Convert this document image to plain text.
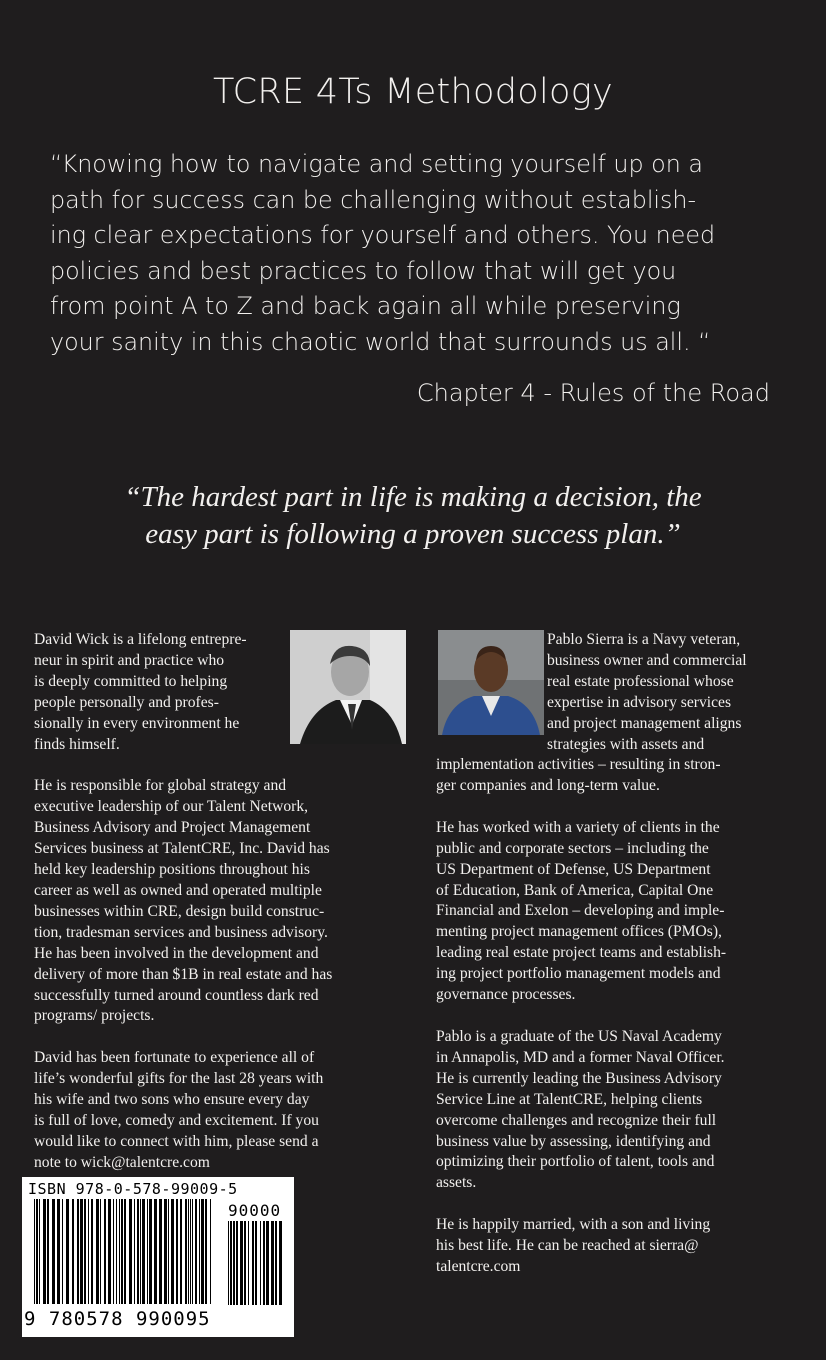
TCRE 4Ts Methodology
“Knowing how to navigate and setting yourself up on a
path for success can be challenging without establish-
ing clear expectations for yourself and others. You need
policies and best practices to follow that will get you
from point A to Z and back again all while preserving
your sanity in this chaotic world that surrounds us all. “
Chapter 4 - Rules of the Road
“The hardest part in life is making a decision, the
easy part is following a proven success plan.”
David Wick is a lifelong entrepre-
neur in spirit and practice who
is deeply committed to helping
people personally and profes-
sionally in every environment he
finds himself.
He is responsible for global strategy and
executive leadership of our Talent Network,
Business Advisory and Project Management
Services business at TalentCRE, Inc. David has
held key leadership positions throughout his
career as well as owned and operated multiple
businesses within CRE, design build construc-
tion, tradesman services and business advisory.
He has been involved in the development and
delivery of more than $1B in real estate and has
successfully turned around countless dark red
programs/ projects.
David has been fortunate to experience all of
life’s wonderful gifts for the last 28 years with
his wife and two sons who ensure every day
is full of love, comedy and excitement. If you
would like to connect with him, please send a
note to wick@talentcre.com
Pablo Sierra is a Navy veteran,
business owner and commercial
real estate professional whose
expertise in advisory services
and project management aligns
strategies with assets and
implementation activities – resulting in stron-
ger companies and long-term value.
He has worked with a variety of clients in the
public and corporate sectors – including the
US Department of Defense, US Department
of Education, Bank of America, Capital One
Financial and Exelon – developing and imple-
menting project management offices (PMOs),
leading real estate project teams and establish-
ing project portfolio management models and
governance processes.
Pablo is a graduate of the US Naval Academy
in Annapolis, MD and a former Naval Officer.
He is currently leading the Business Advisory
Service Line at TalentCRE, helping clients
overcome challenges and recognize their full
business value by assessing, identifying and
optimizing their portfolio of talent, tools and
assets.
He is happily married, with a son and living
his best life. He can be reached at sierra@
talentcre.com
ISBN 978-0-578-99009-5
90000
9 780578 990095
